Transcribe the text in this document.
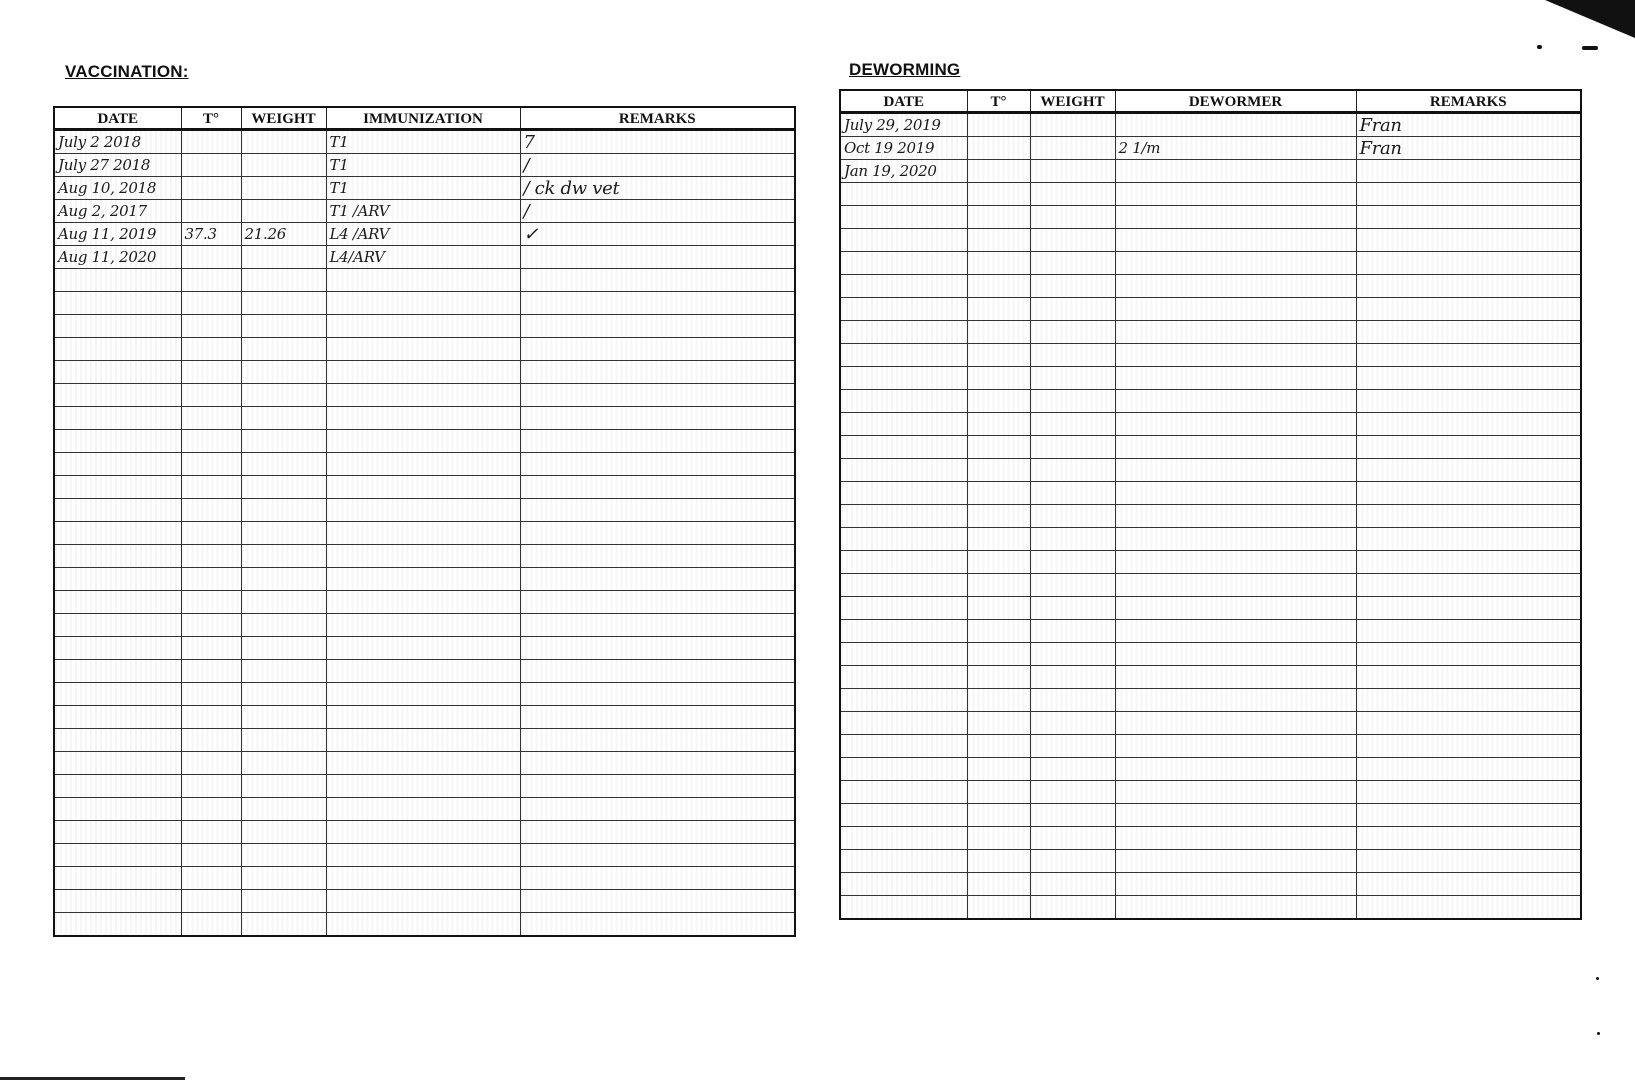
VACCINATION:
DATE	T°	WEIGHT	IMMUNIZATION	REMARKS
July 2 2018			T1	7
July 27 2018			T1	/
Aug 10, 2018			T1	/ ck dw vet
Aug 2, 2017			T1 /ARV	/
Aug 11, 2019	37.3	21.26	L4 /ARV	✓
Aug 11, 2020			L4/ARV	

DEWORMING
DATE	T°	WEIGHT	DEWORMER	REMARKS
July 29, 2019				Fran
Oct 19 2019			2 1/m	Fran
Jan 19, 2020				
